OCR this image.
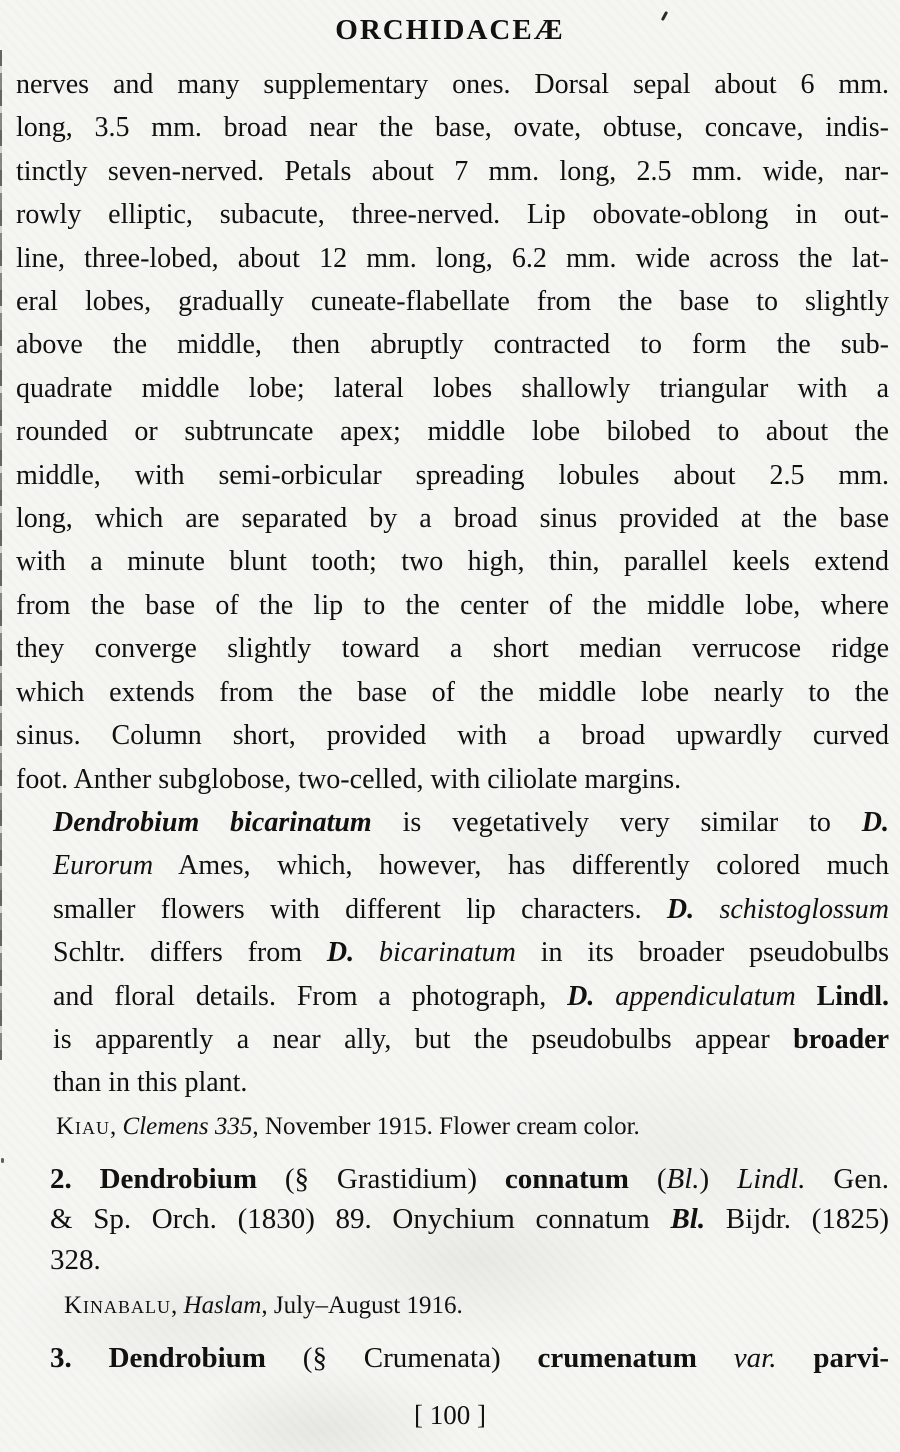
ORCHIDACEÆ
nerves and many supplementary ones. Dorsal sepal about 6 mm.
long, 3.5 mm. broad near the base, ovate, obtuse, concave, indis-
tinctly seven-nerved. Petals about 7 mm. long, 2.5 mm. wide, nar-
rowly elliptic, subacute, three-nerved. Lip obovate-oblong in out-
line, three-lobed, about 12 mm. long, 6.2 mm. wide across the lat-
eral lobes, gradually cuneate-flabellate from the base to slightly
above the middle, then abruptly contracted to form the sub-
quadrate middle lobe; lateral lobes shallowly triangular with a
rounded or subtruncate apex; middle lobe bilobed to about the
middle, with semi-orbicular spreading lobules about 2.5 mm.
long, which are separated by a broad sinus provided at the base
with a minute blunt tooth; two high, thin, parallel keels extend
from the base of the lip to the center of the middle lobe, where
they converge slightly toward a short median verrucose ridge
which extends from the base of the middle lobe nearly to the
sinus. Column short, provided with a broad upwardly curved
foot. Anther subglobose, two-celled, with ciliolate margins.
Dendrobium bicarinatum is vegetatively very similar to D.
Eurorum Ames, which, however, has differently colored much
smaller flowers with different lip characters. D. schistoglossum
Schltr. differs from D. bicarinatum in its broader pseudobulbs
and floral details. From a photograph, D. appendiculatum Lindl.
is apparently a near ally, but the pseudobulbs appear broader
than in this plant.
Kiau, Clemens 335, November 1915. Flower cream color.
2. Dendrobium (§ Grastidium) connatum (Bl.) Lindl. Gen.
& Sp. Orch. (1830) 89. Onychium connatum Bl. Bijdr. (1825)
328.
Kinabalu, Haslam, July–August 1916.
3. Dendrobium (§ Crumenata) crumenatum var. parvi-
[ 100 ]
